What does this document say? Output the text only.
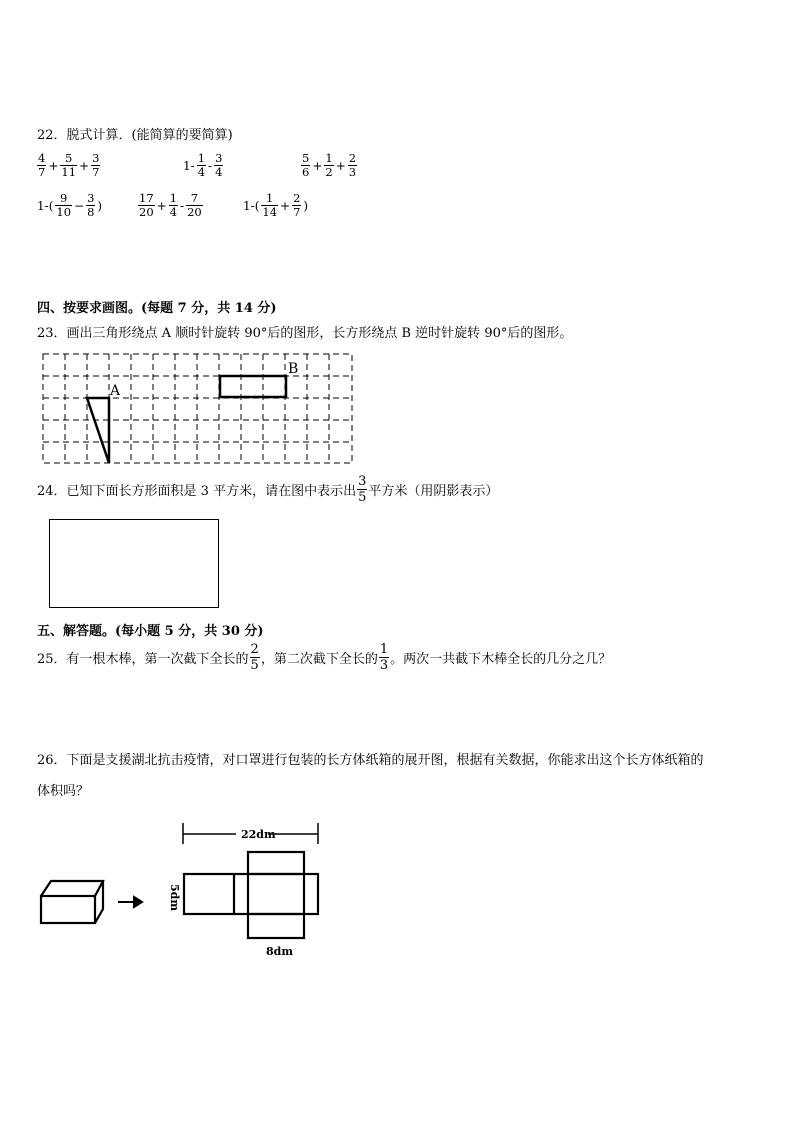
22．脱式计算．(能简算的要简算)
$\frac{4}{7} + \frac{5}{11} + \frac{3}{7}$	$1- \frac{1}{4} - \frac{3}{4}$	$\frac{5}{6} + \frac{1}{2} + \frac{2}{3}$
$1-( \frac{9}{10} - \frac{3}{8}$ )	$\frac{17}{20} + \frac{1}{4} - \frac{7}{20}$	$1-( \frac{1}{14} + \frac{2}{7}$ )
四、按要求画图。(每题 7 分，共 14 分)
23．画出三角形绕点 A 顺时针旋转 90°后的图形，长方形绕点 B 逆时针旋转 90°后的图形。
A
B
24．已知下面长方形面积是 3 平方米，请在图中表示出 $\frac{3}{5}$ 平方米（用阴影表示）
五、解答题。(每小题 5 分，共 30 分)
25．有一根木棒，第一次截下全长的 $\frac{2}{5}$ ，第二次截下全长的 $\frac{1}{3}$ 。两次一共截下木棒全长的几分之几？
26．下面是支援湖北抗击疫情，对口罩进行包装的长方体纸箱的展开图，根据有关数据，你能求出这个长方体纸箱的
体积吗？
22dm
5dm
8dm
